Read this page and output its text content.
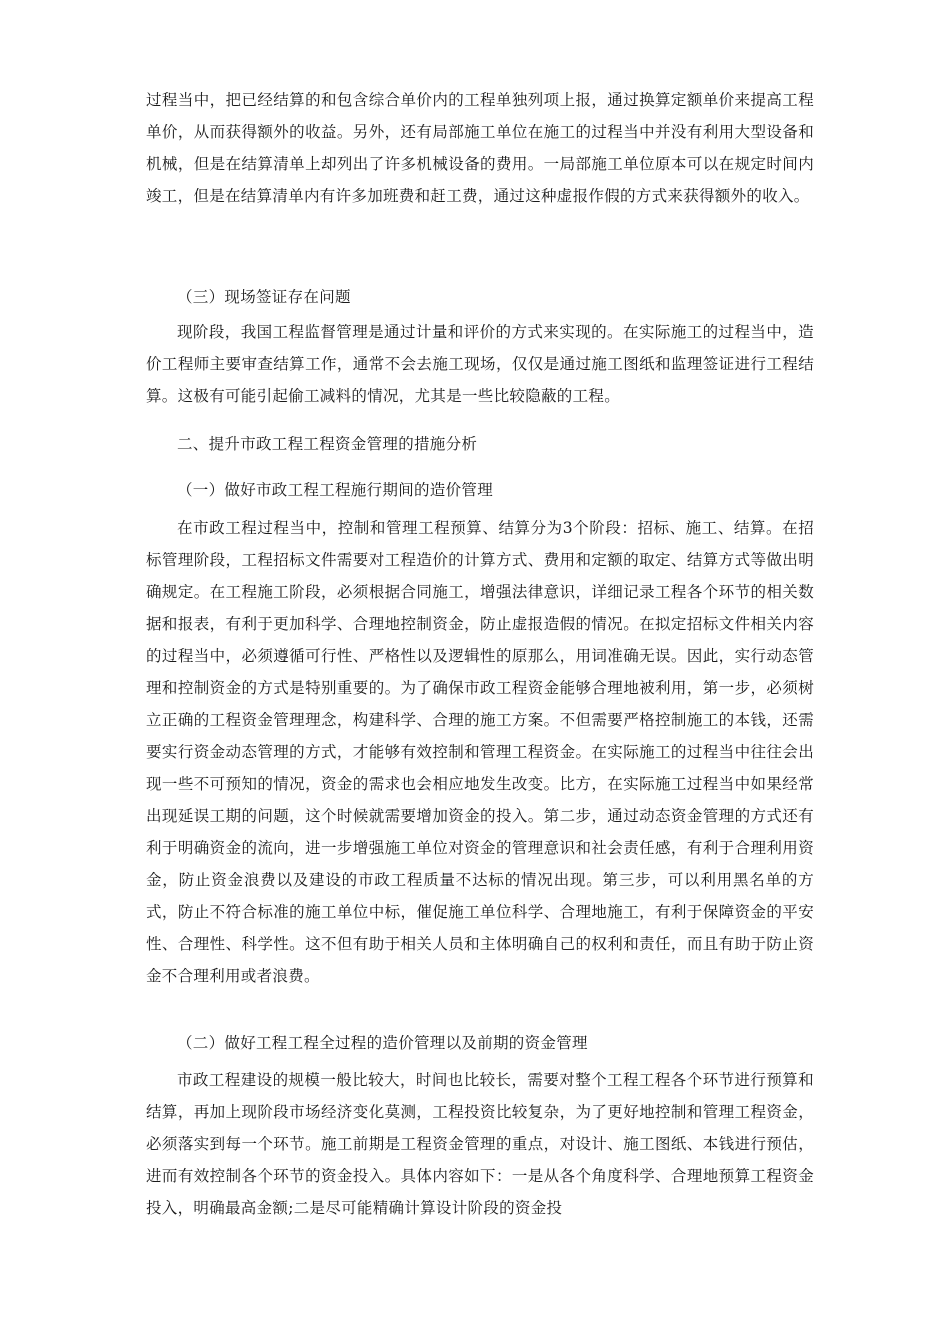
过程当中，把已经结算的和包含综合单价内的工程单独列项上报，通过换算定额单价来提高工程单价，从而获得额外的收益。另外，还有局部施工单位在施工的过程当中并没有利用大型设备和机械，但是在结算清单上却列出了许多机械设备的费用。一局部施工单位原本可以在规定时间内竣工，但是在结算清单内有许多加班费和赶工费，通过这种虚报作假的方式来获得额外的收入。

（三）现场签证存在问题

现阶段，我国工程监督管理是通过计量和评价的方式来实现的。在实际施工的过程当中，造价工程师主要审查结算工作，通常不会去施工现场，仅仅是通过施工图纸和监理签证进行工程结算。这极有可能引起偷工减料的情况，尤其是一些比较隐蔽的工程。

二、提升市政工程工程资金管理的措施分析

（一）做好市政工程工程施行期间的造价管理

在市政工程过程当中，控制和管理工程预算、结算分为3个阶段：招标、施工、结算。在招标管理阶段，工程招标文件需要对工程造价的计算方式、费用和定额的取定、结算方式等做出明确规定。在工程施工阶段，必须根据合同施工，增强法律意识，详细记录工程各个环节的相关数据和报表，有利于更加科学、合理地控制资金，防止虚报造假的情况。在拟定招标文件相关内容的过程当中，必须遵循可行性、严格性以及逻辑性的原那么，用词准确无误。因此，实行动态管理和控制资金的方式是特别重要的。为了确保市政工程资金能够合理地被利用，第一步，必须树立正确的工程资金管理理念，构建科学、合理的施工方案。不但需要严格控制施工的本钱，还需要实行资金动态管理的方式，才能够有效控制和管理工程资金。在实际施工的过程当中往往会出现一些不可预知的情况，资金的需求也会相应地发生改变。比方，在实际施工过程当中如果经常出现延误工期的问题，这个时候就需要增加资金的投入。第二步，通过动态资金管理的方式还有利于明确资金的流向，进一步增强施工单位对资金的管理意识和社会责任感，有利于合理利用资金，防止资金浪费以及建设的市政工程质量不达标的情况出现。第三步，可以利用黑名单的方式，防止不符合标准的施工单位中标，催促施工单位科学、合理地施工，有利于保障资金的平安性、合理性、科学性。这不但有助于相关人员和主体明确自己的权利和责任，而且有助于防止资金不合理利用或者浪费。

（二）做好工程工程全过程的造价管理以及前期的资金管理

市政工程建设的规模一般比较大，时间也比较长，需要对整个工程工程各个环节进行预算和结算，再加上现阶段市场经济变化莫测，工程投资比较复杂，为了更好地控制和管理工程资金，必须落实到每一个环节。施工前期是工程资金管理的重点，对设计、施工图纸、本钱进行预估，进而有效控制各个环节的资金投入。具体内容如下：一是从各个角度科学、合理地预算工程资金投入，明确最高金额;二是尽可能精确计算设计阶段的资金投
